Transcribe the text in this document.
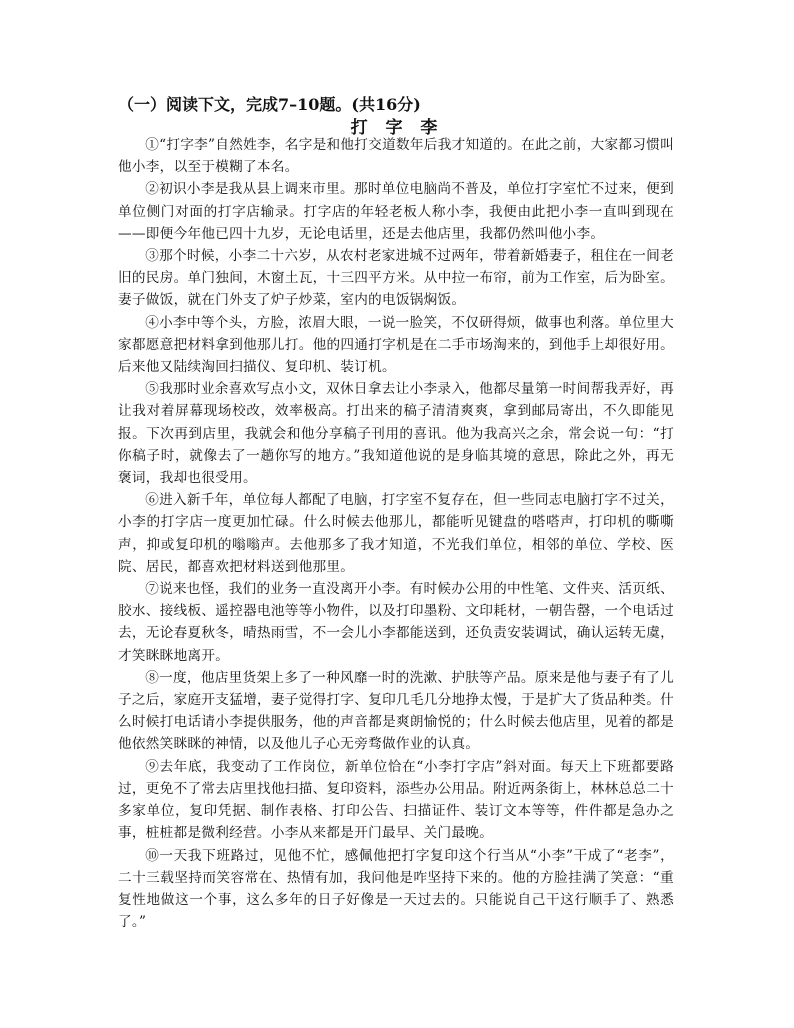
（一）阅读下文，完成7–10题。(共16分)
打 字 李

①“打字李”自然姓李，名字是和他打交道数年后我才知道的。在此之前，大家都习惯叫他小李，以至于模糊了本名。

②初识小李是我从县上调来市里。那时单位电脑尚不普及，单位打字室忙不过来，便到单位侧门对面的打字店输录。打字店的年轻老板人称小李，我便由此把小李一直叫到现在——即便今年他已四十九岁，无论电话里，还是去他店里，我都仍然叫他小李。

③那个时候，小李二十六岁，从农村老家进城不过两年，带着新婚妻子，租住在一间老旧的民房。单门独间，木窗土瓦，十三四平方米。从中拉一布帘，前为工作室，后为卧室。妻子做饭，就在门外支了炉子炒菜，室内的电饭锅焖饭。

④小李中等个头，方脸，浓眉大眼，一说一脸笑，不仅研得烦，做事也利落。单位里大家都愿意把材料拿到他那儿打。他的四通打字机是在二手市场淘来的，到他手上却很好用。后来他又陆续淘回扫描仪、复印机、装订机。

⑤我那时业余喜欢写点小文，双休日拿去让小李录入，他都尽量第一时间帮我弄好，再让我对着屏幕现场校改，效率极高。打出来的稿子清清爽爽，拿到邮局寄出，不久即能见报。下次再到店里，我就会和他分享稿子刊用的喜讯。他为我高兴之余，常会说一句：“打你稿子时，就像去了一趟你写的地方。”我知道他说的是身临其境的意思，除此之外，再无褒词，我却也很受用。

⑥进入新千年，单位每人都配了电脑，打字室不复存在，但一些同志电脑打字不过关，小李的打字店一度更加忙碌。什么时候去他那儿，都能听见键盘的嗒嗒声，打印机的嘶嘶声，抑或复印机的嗡嗡声。去他那多了我才知道，不光我们单位，相邻的单位、学校、医院、居民，都喜欢把材料送到他那里。

⑦说来也怪，我们的业务一直没离开小李。有时候办公用的中性笔、文件夹、活页纸、胶水、接线板、遥控器电池等等小物件，以及打印墨粉、文印耗材，一朝告罄，一个电话过去，无论春夏秋冬，晴热雨雪，不一会儿小李都能送到，还负责安装调试，确认运转无虞，才笑眯眯地离开。

⑧一度，他店里货架上多了一种风靡一时的洗漱、护肤等产品。原来是他与妻子有了儿子之后，家庭开支猛增，妻子觉得打字、复印几毛几分地挣太慢，于是扩大了货品种类。什么时候打电话请小李提供服务，他的声音都是爽朗愉悦的；什么时候去他店里，见着的都是他依然笑眯眯的神情，以及他儿子心无旁骛做作业的认真。

⑨去年底，我变动了工作岗位，新单位恰在“小李打字店”斜对面。每天上下班都要路过，更免不了常去店里找他扫描、复印资料，添些办公用品。附近两条街上，林林总总二十多家单位，复印凭据、制作表格、打印公告、扫描证件、装订文本等等，件件都是急办之事，桩桩都是微利经营。小李从来都是开门最早、关门最晚。

⑩一天我下班路过，见他不忙，感佩他把打字复印这个行当从“小李”干成了“老李”，二十三载坚持而笑容常在、热情有加，我问他是咋坚持下来的。他的方脸挂满了笑意：“重复性地做这一个事，这么多年的日子好像是一天过去的。只能说自己干这行顺手了、熟悉了。”
